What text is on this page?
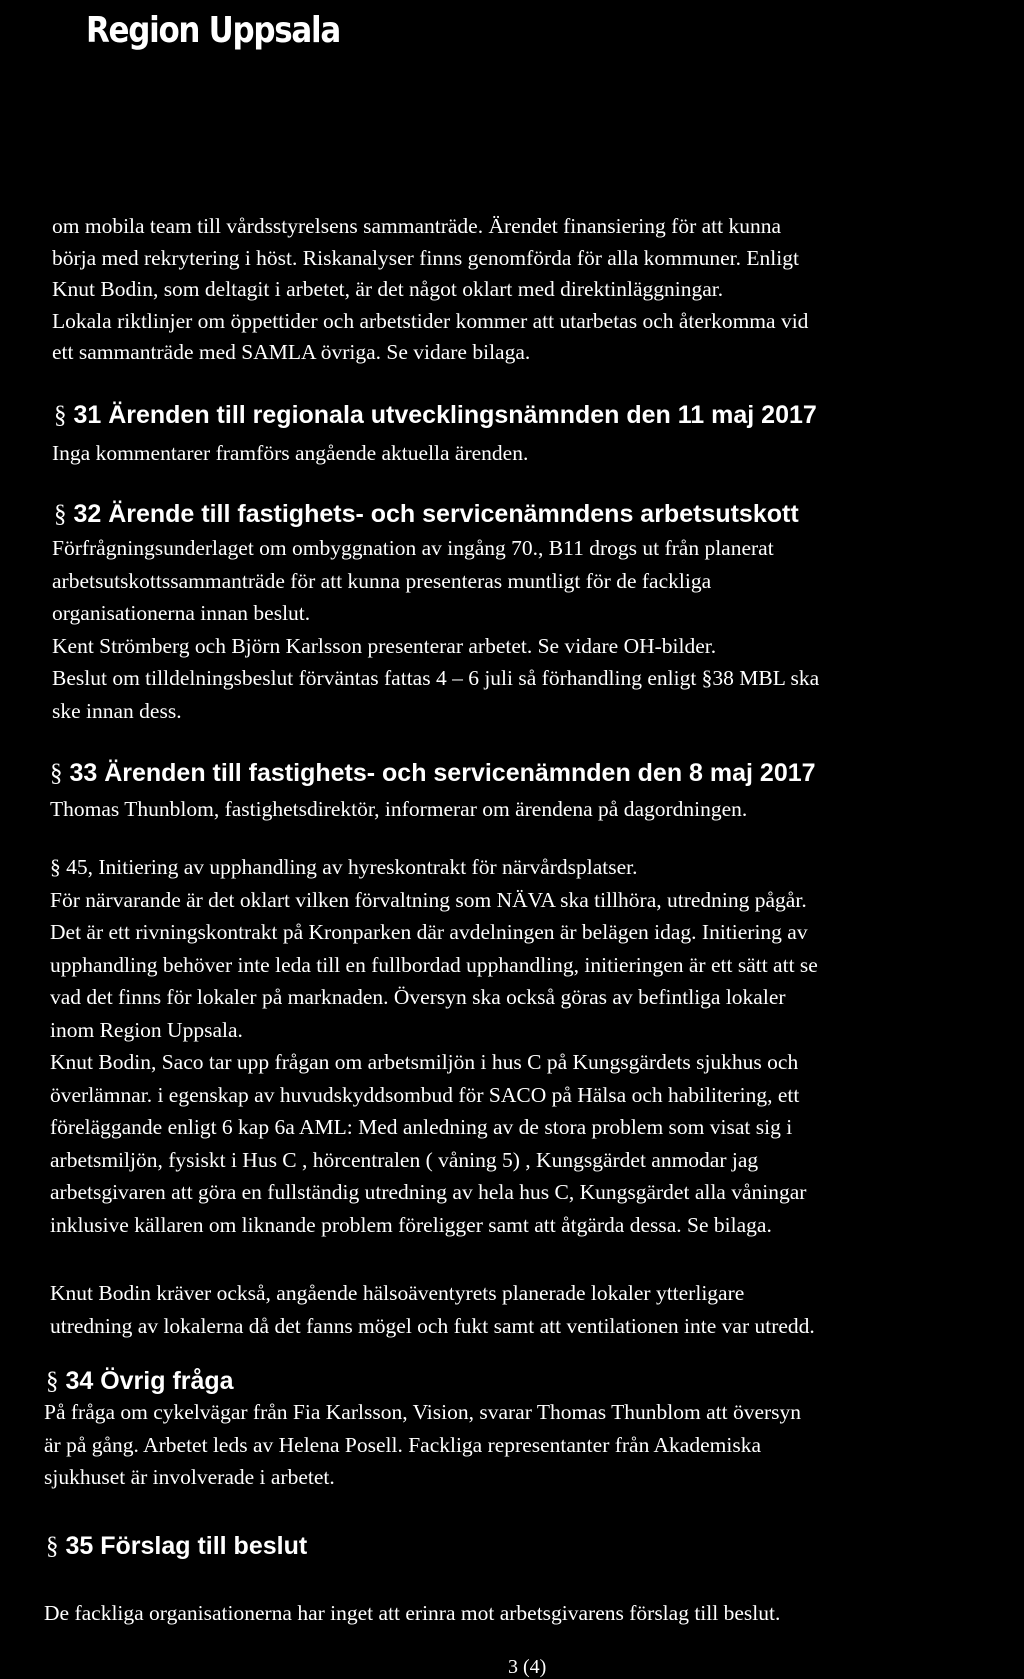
Region Uppsala
om mobila team till vårdsstyrelsens sammanträde. Ärendet finansiering för att kunna
börja med rekrytering i höst. Riskanalyser finns genomförda för alla kommuner. Enligt
Knut Bodin, som deltagit i arbetet, är det något oklart med direktinläggningar.
Lokala riktlinjer om öppettider och arbetstider kommer att utarbetas och återkomma vid
ett sammanträde med SAMLA övriga. Se vidare bilaga.
§ 31 Ärenden till regionala utvecklingsnämnden den 11 maj 2017
Inga kommentarer framförs angående aktuella ärenden.
§ 32 Ärende till fastighets- och servicenämndens arbetsutskott
Förfrågningsunderlaget om ombyggnation av ingång 70., B11 drogs ut från planerat
arbetsutskottssammanträde för att kunna presenteras muntligt för de fackliga
organisationerna innan beslut.
Kent Strömberg och Björn Karlsson presenterar arbetet. Se vidare OH-bilder.
Beslut om tilldelningsbeslut förväntas fattas 4 – 6 juli så förhandling enligt §38 MBL ska
ske innan dess.
§ 33 Ärenden till fastighets- och servicenämnden den 8 maj 2017
Thomas Thunblom, fastighetsdirektör, informerar om ärendena på dagordningen.
§ 45, Initiering av upphandling av hyreskontrakt för närvårdsplatser.
För närvarande är det oklart vilken förvaltning som NÄVA ska tillhöra, utredning pågår.
Det är ett rivningskontrakt på Kronparken där avdelningen är belägen idag. Initiering av
upphandling behöver inte leda till en fullbordad upphandling, initieringen är ett sätt att se
vad det finns för lokaler på marknaden. Översyn ska också göras av befintliga lokaler
inom Region Uppsala.
Knut Bodin, Saco tar upp frågan om arbetsmiljön i hus C på Kungsgärdets sjukhus och
överlämnar. i egenskap av huvudskyddsombud för SACO på Hälsa och habilitering, ett
föreläggande enligt 6 kap 6a AML: Med anledning av de stora problem som visat sig i
arbetsmiljön, fysiskt i Hus C , hörcentralen ( våning 5) , Kungsgärdet anmodar jag
arbetsgivaren att göra en fullständig utredning av hela hus C, Kungsgärdet alla våningar
inklusive källaren om liknande problem föreligger samt att åtgärda dessa. Se bilaga.
Knut Bodin kräver också, angående hälsoäventyrets planerade lokaler ytterligare
utredning av lokalerna då det fanns mögel och fukt samt att ventilationen inte var utredd.
§ 34 Övrig fråga
På fråga om cykelvägar från Fia Karlsson, Vision, svarar Thomas Thunblom att översyn
är på gång. Arbetet leds av Helena Posell. Fackliga representanter från Akademiska
sjukhuset är involverade i arbetet.
§ 35 Förslag till beslut
De fackliga organisationerna har inget att erinra mot arbetsgivarens förslag till beslut.
3 (4)
